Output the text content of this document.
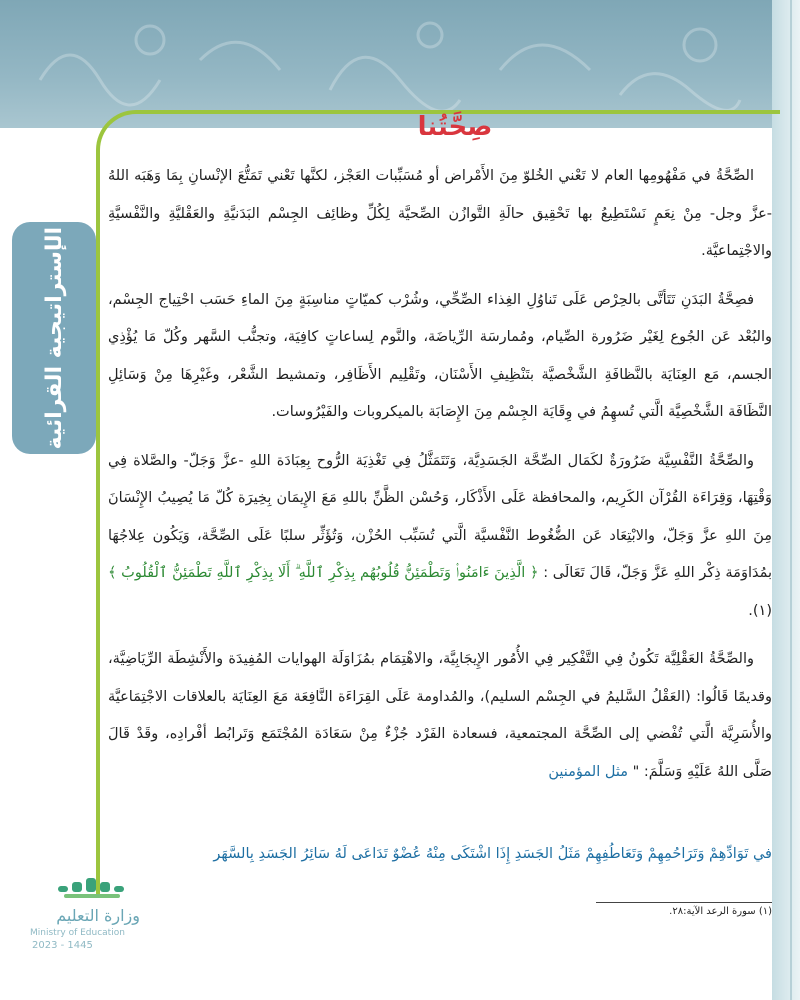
الإستراتيجية القرائية
صِحَّتُنا

الصِّحَّةُ في مَفْهُومِها العام لا تَعْني الخُلوّ مِنَ الأَمْراض أو مُسَبِّبات العَجْز، لكنَّها تَعْني تَمَتُّعَ الإنْسانِ بِمَا وَهَبَه اللهُ -عزَّ وجل- مِنْ نِعَمٍ نَسْتَطِيعُ بها تَحْقِيق حالَةِ التَّوازُن الصِّحيَّة لِكُلِّ وظائِف الجِسْم البَدَنيَّةِ والعَقْليَّةِ والنَّفْسيَّةِ والاجْتِماعيَّة.

فصِحَّةُ البَدَنِ تَتَأتَّى بالحِرْص عَلَى تَناوُلِ الغِذاء الصِّحِّي، وشُرْب كميّاتٍ مناسِبَةٍ مِنَ الماءِ حَسَب احْتِياج الجِسْم، والبُعْد عَن الجُوع لِغَيْر ضَرُورة الصِّيام، ومُمارسَة الرِّياضَة، والنَّوم لِساعاتٍ كافِيَة، وتجنُّب السَّهر وكُلّ مَا يُؤْذِي الجسم، مَع العِنَايَة بالنَّظافَةِ الشَّخْصيَّة بتَنْظِيفِ الأَسْنَان، وتَقْلِيم الأَظَافِر، وتمشيط الشَّعْر، وغَيْرِهَا مِنْ وَسَائِلِ النَّظَافَة الشَّخْصِيَّة الَّتي تُسهِمُ في وِقَايَة الجِسْم مِنَ الإِصَابَة بالميكروبات والفَيْرُوسات.

والصِّحَّةُ النَّفْسِيَّة ضَرُورَةٌ لكَمَال الصِّحَّة الجَسَدِيَّة، وَتَتَمَثَّلُ فِي تَغْذِيَة الرُّوح بِعِبَادَة اللهِ -عزَّ وَجَلّ- والصَّلاة فِي وَقْتِهَا، وَقِرَاءَة القُرْآن الكَرِيم، والمحافظة عَلَى الأَذْكَار، وَحُسْن الظَّنِّ باللهِ مَعَ الإِيمَان بِخِيرَة كُلّ مَا يُصِيبُ الإِنْسَانَ مِنَ اللهِ عزَّ وَجَلّ، والابْتِعَاد عَن الضُّغُوط النَّفْسيَّة الَّتي تُسَبِّب الحُزْن، وَتُؤَثِّر سلبًا عَلَى الصِّحَّة، وَيَكُون عِلاجُهَا بمُدَاوَمَة ذِكْر اللهِ عَزَّ وَجَلّ، قَالَ تَعَالَى : ﴿ الَّذِينَ ءَامَنُوا۟ وَتَطْمَئِنُّ قُلُوبُهُم بِذِكْرِ ٱللَّهِ ۗ أَلَا بِذِكْرِ ٱللَّهِ تَطْمَئِنُّ ٱلْقُلُوبُ ﴾ (١).

والصِّحَّةُ العَقْلِيَّة تَكُونُ فِي التَّفْكِير فِي الأُمُور الإِيجَابِيَّة، والاهْتِمَام بمُزَاوَلَة الهوايات المُفِيدَة والأَنْشِطَة الرِّيَاضِيَّة، وقديمًا قَالُوا: (العَقْلُ السَّليمُ في الجِسْم السليم)، والمُداومة عَلَى القِرَاءَة النَّافِعَة مَعَ العِنَايَة بالعلاقات الاجْتِمَاعيَّة والأُسَرِيَّة الَّتي تُفْضي إلى الصِّحَّة المجتمعية، فسعادة الفَرْد جُزْءٌ مِنْ سَعَادَة المُجْتَمَع وَتَرابُط أفْرادِه، وقَدْ قَالَ صَلَّى اللهُ عَلَيْهِ وَسَلَّمَ: " مثل المؤمنين

في تَوَادِّهِمْ وَتَرَاحُمِهِمْ وَتَعَاطُفِهِمْ مَثَلُ الجَسَدِ إِذَا اشْتَكَى مِنْهُ عُضْوٌ تَدَاعَى لَهُ سَائِرُ الجَسَدِ بِالسَّهَر
(١) سورة الرعد الآية:٢٨.
وزارة التعليم
Ministry of Education
2023 - 1445
